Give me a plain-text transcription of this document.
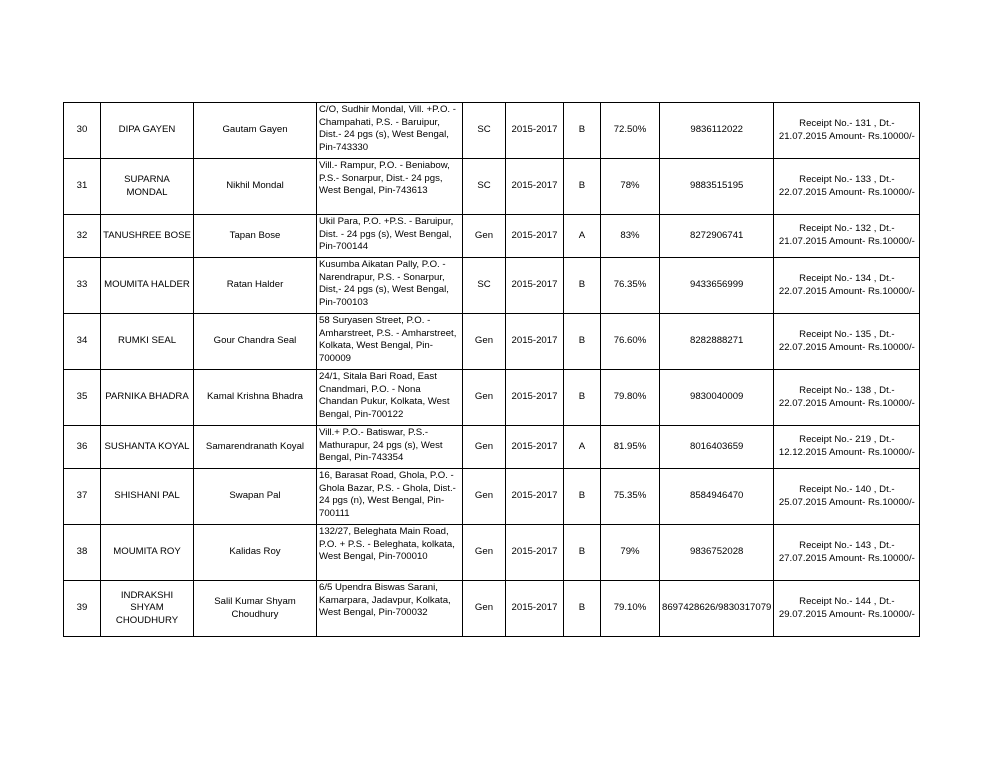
30	DIPA GAYEN	Gautam Gayen	C/O, Sudhir Mondal, Vill. +P.O. - Champahati, P.S. - Baruipur, Dist.- 24 pgs (s), West Bengal, Pin-743330	SC	2015-2017	B	72.50%	9836112022	Receipt No.- 131 , Dt.-
21.07.2015 Amount- Rs.10000/-

31	SUPARNA MONDAL	Nikhil Mondal	Vill.- Rampur, P.O. - Beniabow, P.S.- Sonarpur, Dist.- 24 pgs, West Bengal, Pin-743613	SC	2015-2017	B	78%	9883515195	Receipt No.- 133 , Dt.-
22.07.2015 Amount- Rs.10000/-

32	TANUSHREE BOSE	Tapan Bose	Ukil Para, P.O. +P.S. - Baruipur, Dist. - 24 pgs (s), West Bengal, Pin-700144	Gen	2015-2017	A	83%	8272906741	Receipt No.- 132 , Dt.-
21.07.2015 Amount- Rs.10000/-

33	MOUMITA HALDER	Ratan Halder	Kusumba Aikatan Pally, P.O. - Narendrapur, P.S. - Sonarpur, Dist,- 24 pgs (s), West Bengal, Pin-700103	SC	2015-2017	B	76.35%	9433656999	Receipt No.- 134 , Dt.-
22.07.2015 Amount- Rs.10000/-

34	RUMKI SEAL	Gour Chandra Seal	58 Suryasen Street, P.O. - Amharstreet, P.S. - Amharstreet, Kolkata, West Bengal, Pin-700009	Gen	2015-2017	B	76.60%	8282888271	Receipt No.- 135 , Dt.-
22.07.2015 Amount- Rs.10000/-

35	PARNIKA BHADRA	Kamal Krishna Bhadra	24/1, Sitala Bari Road, East Cnandmari, P.O. - Nona Chandan Pukur, Kolkata, West Bengal, Pin-700122	Gen	2015-2017	B	79.80%	9830040009	Receipt No.- 138 , Dt.-
22.07.2015 Amount- Rs.10000/-

36	SUSHANTA KOYAL	Samarendranath Koyal	Vill.+ P.O.- Batiswar, P.S.- Mathurapur, 24 pgs (s), West Bengal, Pin-743354	Gen	2015-2017	A	81.95%	8016403659	Receipt No.- 219 , Dt.-
12.12.2015 Amount- Rs.10000/-

37	SHISHANI PAL	Swapan Pal	16, Barasat Road, Ghola, P.O. - Ghola Bazar, P.S. - Ghola, Dist.- 24 pgs (n), West Bengal, Pin-700111	Gen	2015-2017	B	75.35%	8584946470	Receipt No.- 140 , Dt.-
25.07.2015 Amount- Rs.10000/-

38	MOUMITA ROY	Kalidas Roy	132/27, Beleghata Main Road, P.O. + P.S. - Beleghata, kolkata, West Bengal, Pin-700010	Gen	2015-2017	B	79%	9836752028	Receipt No.- 143 , Dt.-
27.07.2015 Amount- Rs.10000/-

39	INDRAKSHI SHYAM CHOUDHURY	Salil Kumar Shyam Choudhury	6/5 Upendra Biswas Sarani, Kamarpara, Jadavpur, Kolkata, West Bengal, Pin-700032	Gen	2015-2017	B	79.10%	8697428626/9830317079	Receipt No.- 144 , Dt.-
29.07.2015 Amount- Rs.10000/-
